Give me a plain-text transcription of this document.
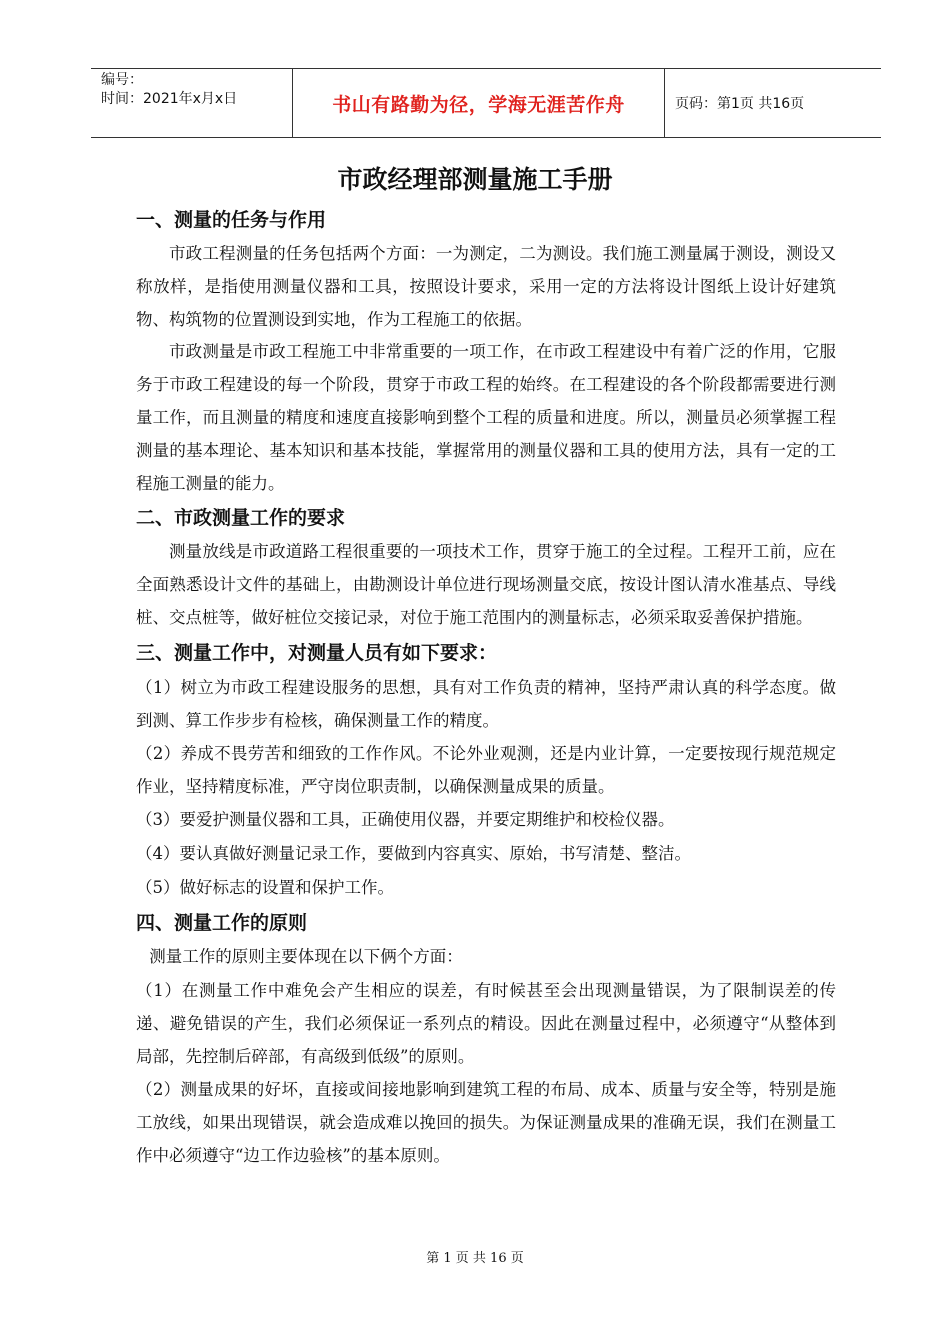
编号：
时间：2021年x月x日	书山有路勤为径，学海无涯苦作舟	页码：第1页 共16页
市政经理部测量施工手册
一、测量的任务与作用

市政工程测量的任务包括两个方面：一为测定，二为测设。我们施工测量属于测设，测设又称放样，是指使用测量仪器和工具，按照设计要求，采用一定的方法将设计图纸上设计好建筑物、构筑物的位置测设到实地，作为工程施工的依据。

市政测量是市政工程施工中非常重要的一项工作，在市政工程建设中有着广泛的作用，它服务于市政工程建设的每一个阶段，贯穿于市政工程的始终。在工程建设的各个阶段都需要进行测量工作，而且测量的精度和速度直接影响到整个工程的质量和进度。所以，测量员必须掌握工程测量的基本理论、基本知识和基本技能，掌握常用的测量仪器和工具的使用方法，具有一定的工程施工测量的能力。

二、市政测量工作的要求

测量放线是市政道路工程很重要的一项技术工作，贯穿于施工的全过程。工程开工前，应在全面熟悉设计文件的基础上，由勘测设计单位进行现场测量交底，按设计图认清水准基点、导线桩、交点桩等，做好桩位交接记录，对位于施工范围内的测量标志，必须采取妥善保护措施。

三、测量工作中，对测量人员有如下要求：

（1）树立为市政工程建设服务的思想，具有对工作负责的精神，坚持严肃认真的科学态度。做到测、算工作步步有检核，确保测量工作的精度。

（2）养成不畏劳苦和细致的工作作风。不论外业观测，还是内业计算，一定要按现行规范规定作业，坚持精度标准，严守岗位职责制，以确保测量成果的质量。

（3）要爱护测量仪器和工具，正确使用仪器，并要定期维护和校检仪器。

（4）要认真做好测量记录工作，要做到内容真实、原始，书写清楚、整洁。

（5）做好标志的设置和保护工作。

四、测量工作的原则

测量工作的原则主要体现在以下俩个方面：

（1）在测量工作中难免会产生相应的误差，有时候甚至会出现测量错误，为了限制误差的传递、避免错误的产生，我们必须保证一系列点的精设。因此在测量过程中，必须遵守“从整体到局部，先控制后碎部，有高级到低级”的原则。

（2）测量成果的好坏，直接或间接地影响到建筑工程的布局、成本、质量与安全等，特别是施工放线，如果出现错误，就会造成难以挽回的损失。为保证测量成果的准确无误，我们在测量工作中必须遵守“边工作边验核”的基本原则。

第 1 页 共 16 页
